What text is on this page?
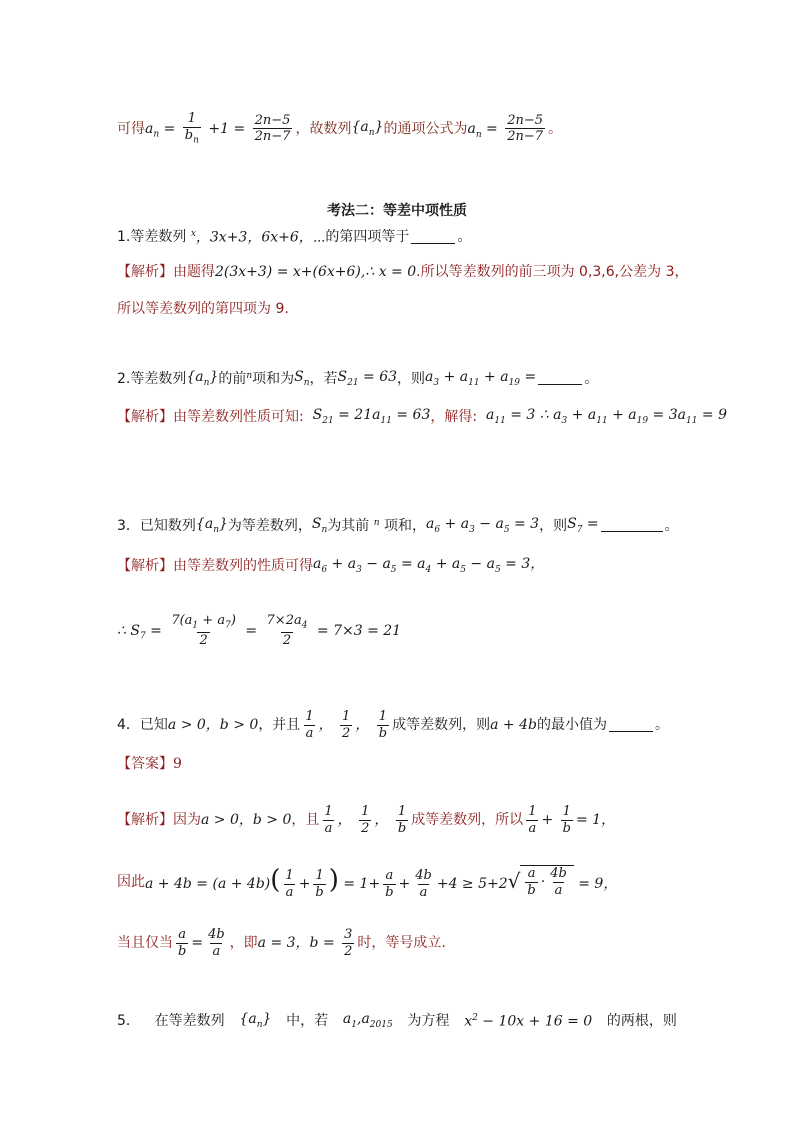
可得 $a_n = \frac{1}{b_n} +1 = \frac{2n-5}{2n-7}$ ，故数列 $\{a_n\}$ 的通项公式为 $a_n = \frac{2n-5}{2n-7}$ 。
考法二：等差中项性质
1. 等差数列 $^x$，3x+3，6x+6，⋯ 的第四项等于	。
【解析】 由题得 2(3x+3) = x+(6x+6),∴ x = 0 .所以等差数列的前三项为 0,3,6,公差为 3，
所以等差数列的第四项为 9.
2. 等差数列 $\{a_n\}$ 的前 $^n$ 项和为 $S_n$ ，若 $S_{21} = 63$ ，则 $a_3 + a_{11} + a_{19}$ =	。
【解析】 由等差数列性质可知: $S_{21} = 21a_{11} = 63$ ，解得: $a_{11} = 3$ ∴ $a_3 + a_{11} + a_{19} = 3a_{11} = 9$
3． 已知数列 $\{a_n\}$ 为等差数列， $S_n$ 为其前 $^n$ 项和， $a_6 + a_3 - a_5 = 3$ ，则 $S_7$ =	。
【解析】 由等差数列的性质可得 $a_6 + a_3 - a_5 = a_4 + a_5 - a_5 = 3$，
∴ $S_7 = \frac{7(a_1 + a_7)}{2} = \frac{7\times 2a_4}{2} = 7\times 3 = 21$
4． 已知 a > 0，b > 0 ，并且 $\frac{1}{a}$ ， $\frac{1}{2}$ ， $\frac{1}{b}$ 成等差数列，则 a + 4b 的最小值为	。
【答案】 9
【解析】 因为 a > 0，b > 0 ，且 $\frac{1}{a}$ ， $\frac{1}{2}$ ， $\frac{1}{b}$ 成等差数列，所以 $\frac{1}{a} + \frac{1}{b} = 1$，
因此 $a + 4b = (a + 4b)( \frac{1}{a} + \frac{1}{b}$ ) = $1+ \frac{a}{b} + \frac{4b}{a} +4 \ge 5+2$ √ $\frac{a}{b} \cdot \frac{4b}{a} = 9$，
当且仅当 $\frac{a}{b} = \frac{4b}{a}$ ，即 a = 3，$b = \frac{3}{2}$ 时，等号成立.
5． 在等差数列 $\{a_n\}$ 中，若 $a_1,a_{2015}$ 为方程 $x^2 - 10x + 16 = 0$ 的两根，则
